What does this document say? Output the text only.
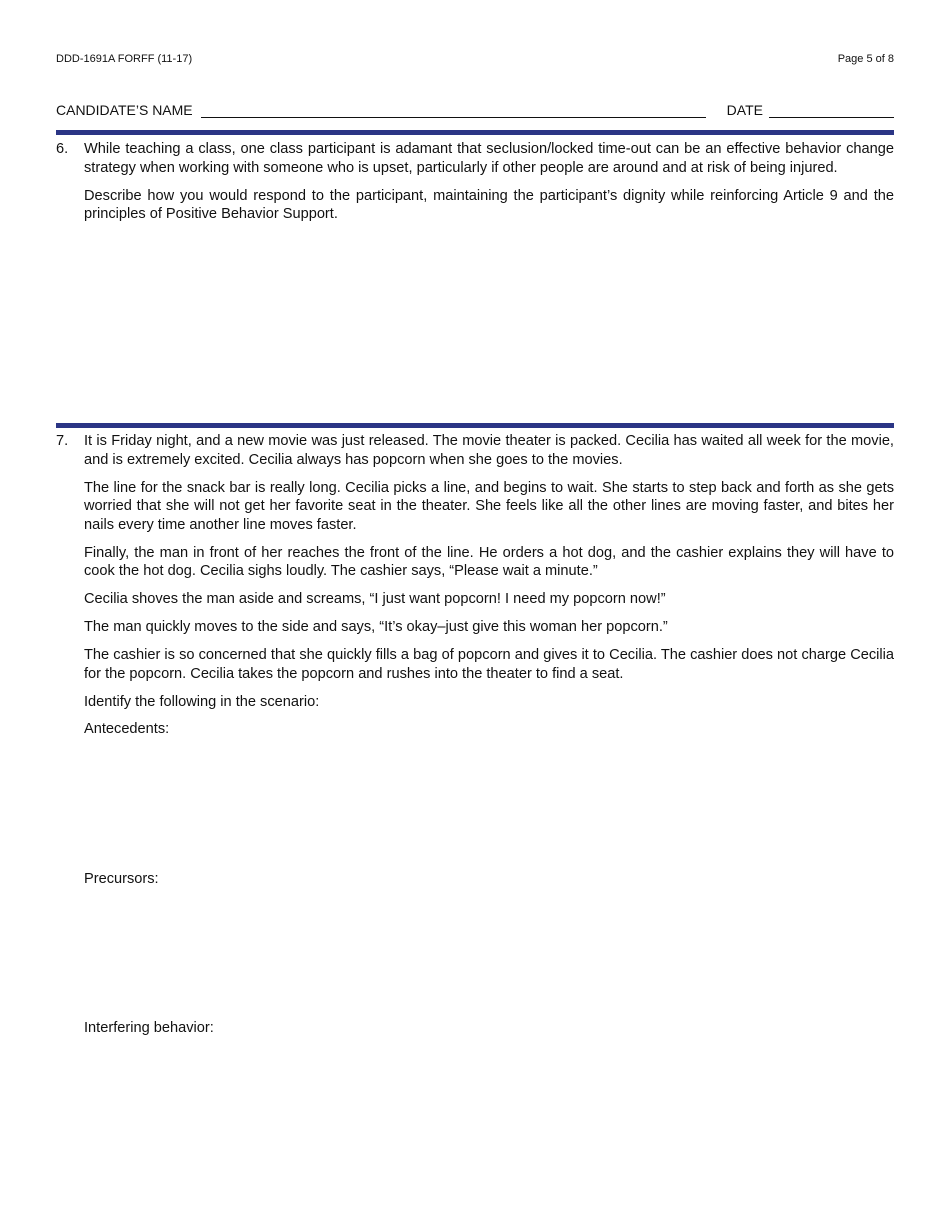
DDD-1691A FORFF (11-17)	Page 5 of 8
CANDIDATE’S NAME	DATE
6.	While teaching a class, one class participant is adamant that seclusion/locked time-out can be an effective behavior change strategy when working with someone who is upset, particularly if other people are around and at risk of being injured.

Describe how you would respond to the participant, maintaining the participant’s dignity while reinforcing Article 9 and the principles of Positive Behavior Support.

7.	It is Friday night, and a new movie was just released. The movie theater is packed. Cecilia has waited all week for the movie, and is extremely excited. Cecilia always has popcorn when she goes to the movies.

The line for the snack bar is really long. Cecilia picks a line, and begins to wait. She starts to step back and forth as she gets worried that she will not get her favorite seat in the theater. She feels like all the other lines are moving faster, and bites her nails every time another line moves faster.

Finally, the man in front of her reaches the front of the line. He orders a hot dog, and the cashier explains they will have to cook the hot dog. Cecilia sighs loudly. The cashier says, “Please wait a minute.”

Cecilia shoves the man aside and screams, “I just want popcorn! I need my popcorn now!”

The man quickly moves to the side and says, “It’s okay–just give this woman her popcorn.”

The cashier is so concerned that she quickly fills a bag of popcorn and gives it to Cecilia. The cashier does not charge Cecilia for the popcorn. Cecilia takes the popcorn and rushes into the theater to find a seat.

Identify the following in the scenario:

Antecedents:
Precursors:
Interfering behavior:
